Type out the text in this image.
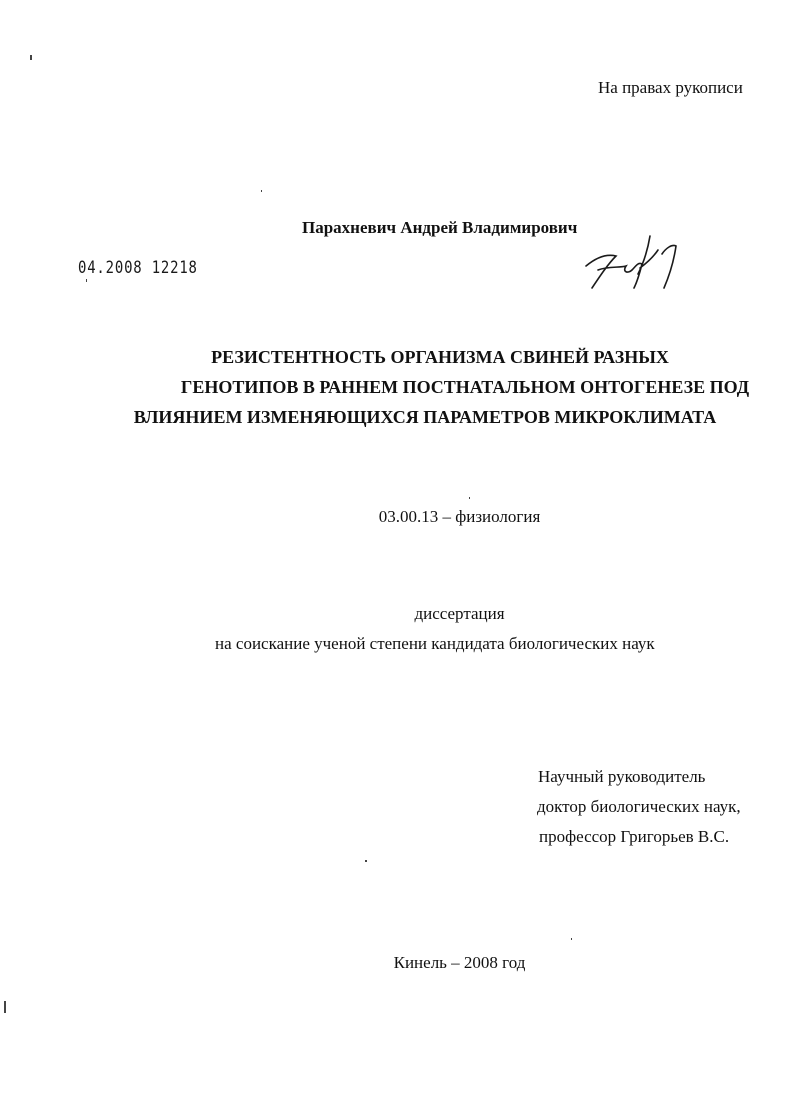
На правах рукописи
Парахневич Андрей Владимирович
04.2008 12218
РЕЗИСТЕНТНОСТЬ ОРГАНИЗМА СВИНЕЙ РАЗНЫХ
ГЕНОТИПОВ В РАННЕМ ПОСТНАТАЛЬНОМ ОНТОГЕНЕЗЕ ПОД
ВЛИЯНИЕМ ИЗМЕНЯЮЩИХСЯ ПАРАМЕТРОВ МИКРОКЛИМАТА
03.00.13 – физиология
диссертация
на соискание ученой степени кандидата биологических наук
Научный руководитель
доктор биологических наук,
профессор Григорьев В.С.
Кинель – 2008 год
